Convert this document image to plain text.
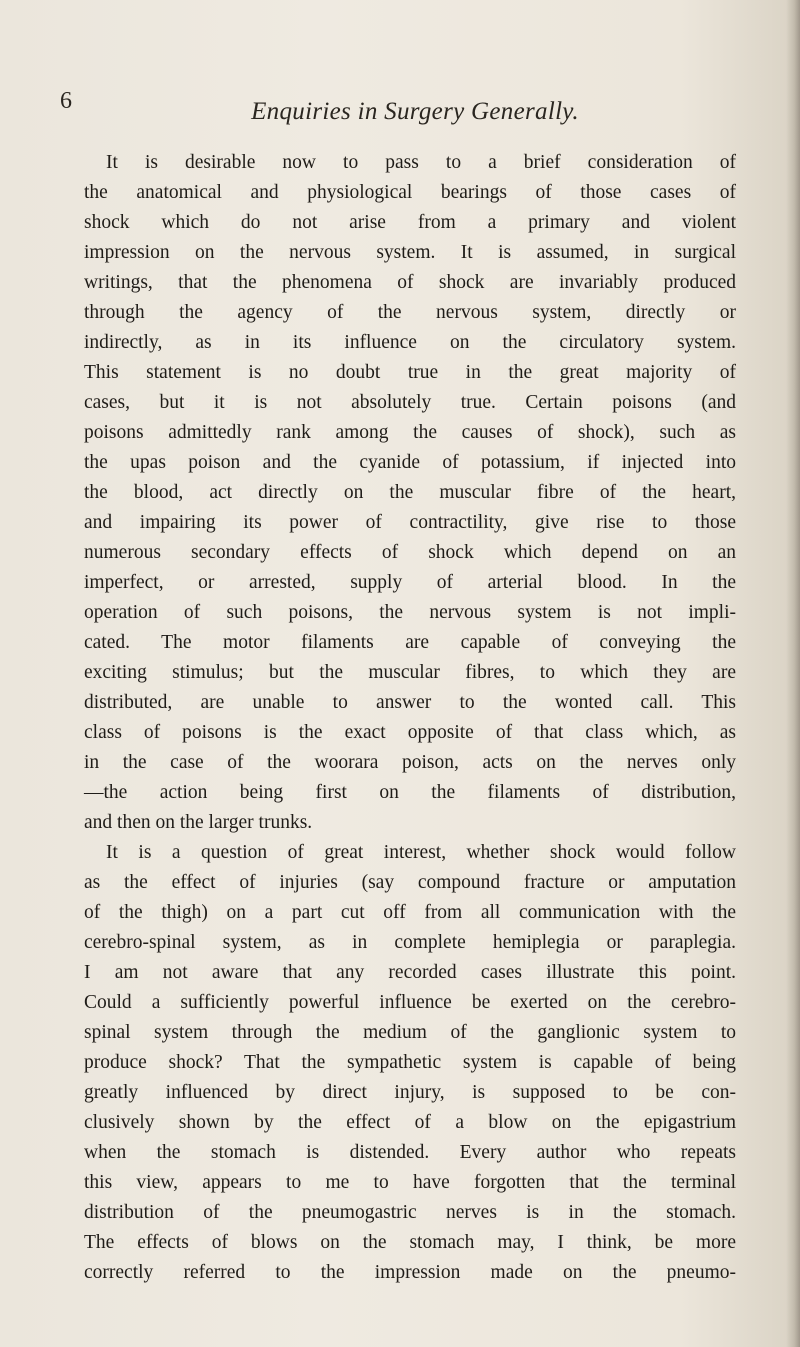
6	Enquiries in Surgery Generally.
It is desirable now to pass to a brief consideration of
the anatomical and physiological bearings of those cases of
shock which do not arise from a primary and violent
impression on the nervous system. It is assumed, in surgical
writings, that the phenomena of shock are invariably produced
through the agency of the nervous system, directly or
indirectly, as in its influence on the circulatory system.
This statement is no doubt true in the great majority of
cases, but it is not absolutely true. Certain poisons (and
poisons admittedly rank among the causes of shock), such as
the upas poison and the cyanide of potassium, if injected into
the blood, act directly on the muscular fibre of the heart,
and impairing its power of contractility, give rise to those
numerous secondary effects of shock which depend on an
imperfect, or arrested, supply of arterial blood. In the
operation of such poisons, the nervous system is not impli-
cated. The motor filaments are capable of conveying the
exciting stimulus; but the muscular fibres, to which they are
distributed, are unable to answer to the wonted call. This
class of poisons is the exact opposite of that class which, as
in the case of the woorara poison, acts on the nerves only
—the action being first on the filaments of distribution,
and then on the larger trunks.
It is a question of great interest, whether shock would follow
as the effect of injuries (say compound fracture or amputation
of the thigh) on a part cut off from all communication with the
cerebro-spinal system, as in complete hemiplegia or paraplegia.
I am not aware that any recorded cases illustrate this point.
Could a sufficiently powerful influence be exerted on the cerebro-
spinal system through the medium of the ganglionic system to
produce shock? That the sympathetic system is capable of being
greatly influenced by direct injury, is supposed to be con-
clusively shown by the effect of a blow on the epigastrium
when the stomach is distended. Every author who repeats
this view, appears to me to have forgotten that the terminal
distribution of the pneumogastric nerves is in the stomach.
The effects of blows on the stomach may, I think, be more
correctly referred to the impression made on the pneumo-
